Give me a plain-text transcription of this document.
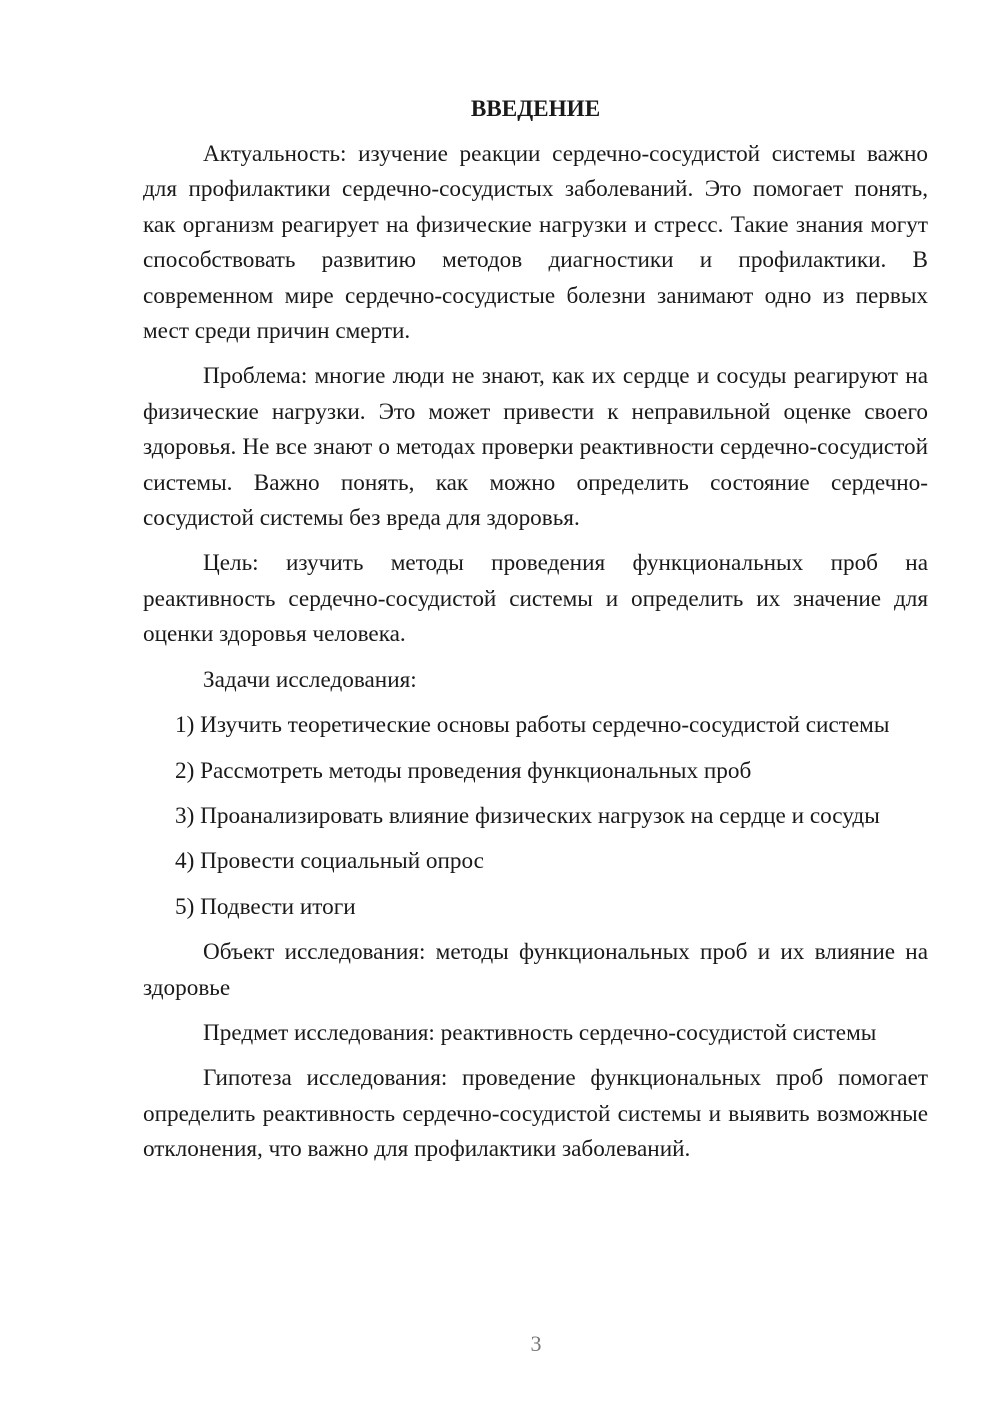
ВВЕДЕНИЕ

Актуальность: изучение реакции сердечно-сосудистой системы важно для профилактики сердечно-сосудистых заболеваний. Это помогает понять, как организм реагирует на физические нагрузки и стресс. Такие знания могут способствовать развитию методов диагностики и профилактики. В современном мире сердечно-сосудистые болезни занимают одно из первых мест среди причин смерти.

Проблема: многие люди не знают, как их сердце и сосуды реагируют на физические нагрузки. Это может привести к неправильной оценке своего здоровья. Не все знают о методах проверки реактивности сердечно-сосудистой системы. Важно понять, как можно определить состояние сердечно-сосудистой системы без вреда для здоровья.

Цель: изучить методы проведения функциональных проб на реактивность сердечно-сосудистой системы и определить их значение для оценки здоровья человека.

Задачи исследования:

1) Изучить теоретические основы работы сердечно-сосудистой системы

2) Рассмотреть методы проведения функциональных проб

3) Проанализировать влияние физических нагрузок на сердце и сосуды

4) Провести социальный опрос

5) Подвести итоги

Объект исследования: методы функциональных проб и их влияние на здоровье

Предмет исследования: реактивность сердечно-сосудистой системы

Гипотеза исследования: проведение функциональных проб помогает определить реактивность сердечно-сосудистой системы и выявить возможные отклонения, что важно для профилактики заболеваний.

3
